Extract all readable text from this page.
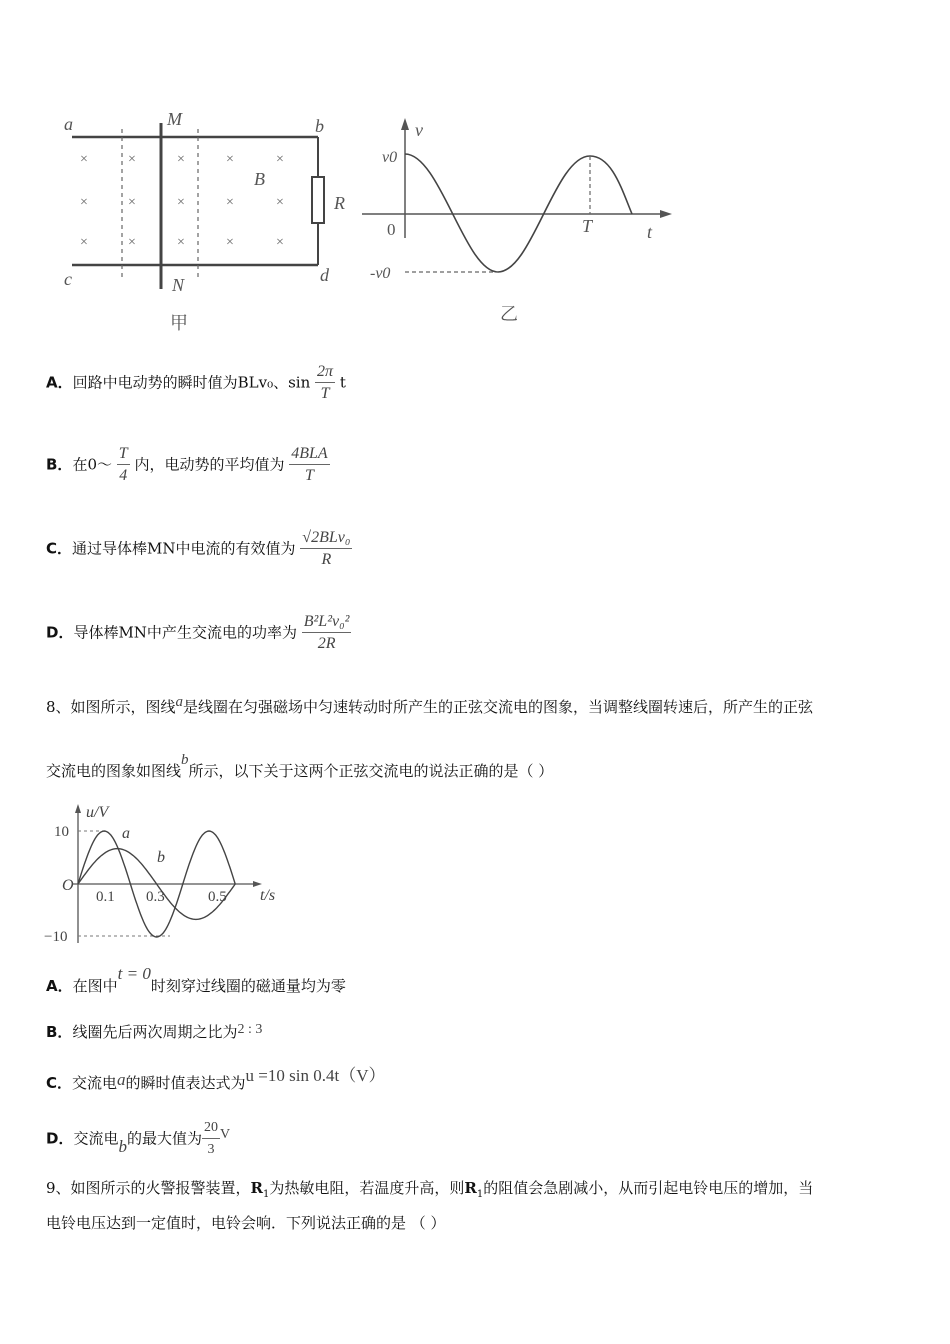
a	M	b
c	N	d
B
R
×	×	×	×	×
×	×	×	×	×
×	×	×	×	×
甲
v
v0
-v0
0	T	t
乙
A．回路中电动势的瞬时值为BLv₀、$\sin \frac{2\pi}{T}$ t
B．在0～ $\frac{T}{4}$ 内，电动势的平均值为 $\frac{\text{4BLA}}{T}$
C．通过导体棒MN中电流的有效值为 $\frac{\text{√2BLv₀}}{R}$
D．导体棒MN中产生交流电的功率为 $\frac{\text{B²L²v₀²}}{2R}$
8、如图所示，图线a是线圈在匀强磁场中匀速转动时所产生的正弦交流电的图象，当调整线圈转速后，所产生的正弦
交流电的图象如图线b所示，以下关于这两个正弦交流电的说法正确的是（ ）
u/V
t/s
10
−10
O
0.1 0.3	0.5
a
b
A．在图中t = 0时刻穿过线圈的磁通量均为零
B．线圈先后两次周期之比为2 : 3
C．交流电a的瞬时值表达式为u =10 sin 0.4t（V）
D．交流电b的最大值为 $\frac{20}{3}$ V
9、如图所示的火警报警装置，$R_1$为热敏电阻，若温度升高，则$R_1$的阻值会急剧减小，从而引起电铃电压的增加，当
电铃电压达到一定值时，电铃会响．下列说法正确的是 （ ）
